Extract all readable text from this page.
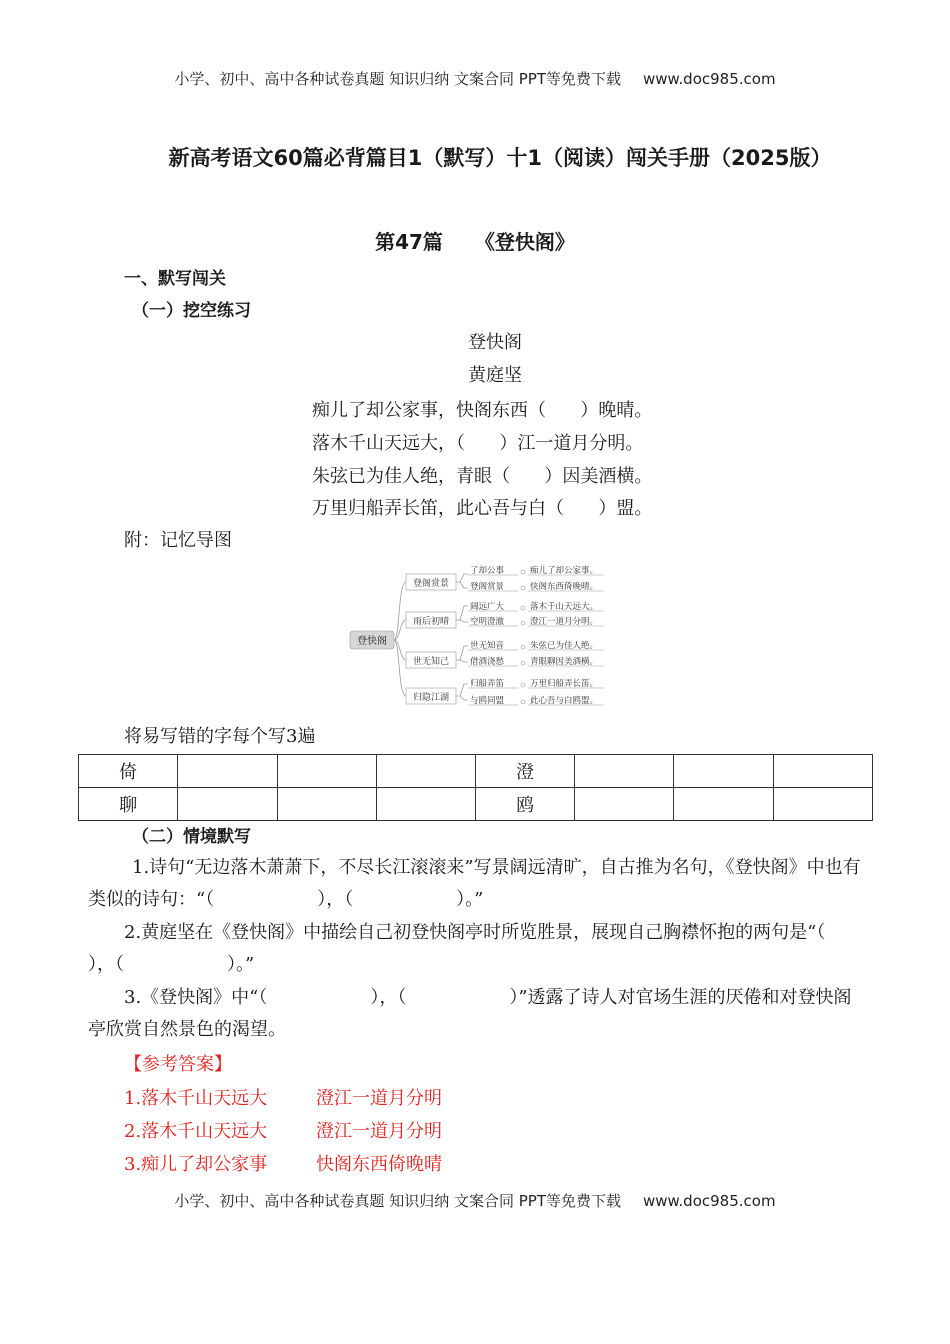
小学、初中、高中各种试卷真题 知识归纳 文案合同 PPT等免费下载 www.doc985.com
新高考语文60篇必背篇目1（默写）十1（阅读）闯关手册（2025版）
第47篇 《登快阁》
一、默写闯关
（一）挖空练习
登快阁
黄庭坚
痴儿了却公家事，快阁东西（      ）晚晴。
落木千山天远大，（      ）江一道月分明。
朱弦已为佳人绝，青眼（      ）因美酒横。
万里归船弄长笛，此心吾与白（      ）盟。
附：记忆导图
登快阁
登阁赏景
雨后初晴
世无知己
归隐江湖
了却公事	痴儿了却公家事。
登阁赏景	快阁东西倚晚晴。
阔远广大	落木千山天远大。
空明澄澈	澄江一道月分明。
世无知音	朱弦已为佳人绝。
借酒浇愁	青眼聊因美酒横。
归船弄笛	万里归船弄长笛。
与鸥同盟	此心吾与白鸥盟。
将易写错的字每个写3遍
倚				澄			
聊				鸥			
（二）情境默写
1.诗句“无边落木萧萧下，不尽长江滚滚来”写景阔远清旷，自古推为名句，《登快阁》中也有类似的诗句：“（                  ），（                  ）。”
2.黄庭坚在《登快阁》中描绘自己初登快阁亭时所览胜景，展现自己胸襟怀抱的两句是“（                  ），（                  ）。”
3.《登快阁》中“（                  ），（                  ）”透露了诗人对官场生涯的厌倦和对登快阁亭欣赏自然景色的渴望。
【参考答案】
1.落木千山天远大	澄江一道月分明
2.落木千山天远大	澄江一道月分明
3.痴儿了却公家事	快阁东西倚晚晴
小学、初中、高中各种试卷真题 知识归纳 文案合同 PPT等免费下载 www.doc985.com
